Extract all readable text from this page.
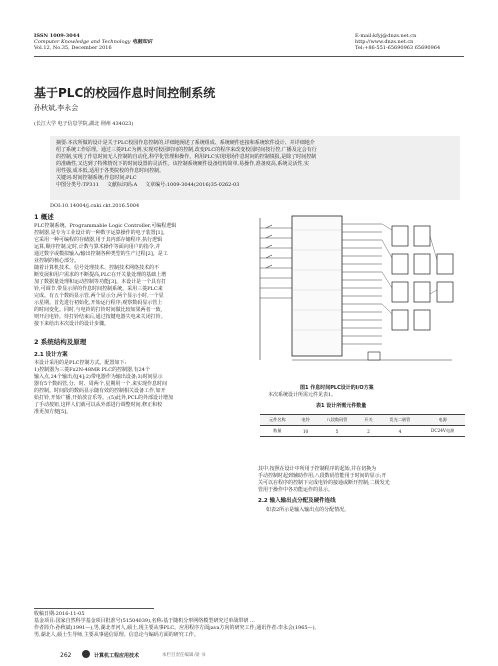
ISSN 1009-3044
Computer Knowledge and Technology 电脑知识
Vol.12, No.35, December 2016
E-mail:kfyj@dnzs.net.cn
http://www.dnzs.net.cn
Tel:+86-551-65690963 65690964
基于PLC的校园作息时间控制系统
孙秋斌,李永会
(长江大学 电子信息学院,湖北 荆州 434023)
摘要:本次所做的设计是关于PLC校园作息控制的,详细地阐述了系统组成、系统硬件连接和系统软件设计、并详细地介
绍了系统工作原理。通过三菱PLC为例,实现对校园时间的控制,改变PLC的程序来改变校园时间按行控,广播及定会有行
的控制,实现了作息时间无人控制的自动化,科学化管理和操作。利用PLC实现现场作息时间的控制填报,是除了时间控制
的准确性,又达到了特殊情况下的时间设置的灵活性。该控制系统硬件设备结构简单,易操作,准备度高,系统灵活性,实
用性强,成本低,适用于各类院校的作息时间控制。
关键词:时间控制系统;作息时间;PLC
中图分类号:TP311 文献标识码:A 文章编号:1009-3044(2016)35-0262-03
DOI:10.14004/j.cnki.ckt.2016.5004
1 概述
PLC控制系统、Programmable Logic Controller,可编程逻辑
控制器,是专为工业设计的一种数字运算操作的电子装置[1]。
它采用一种可编程的存储器,用于其内部存储程序,执行逻辑
运算,顺序控制,定时,计数与算术操作等面向用户的指令,并
通过数字或模拟输入/输出控制各种类型的生产过程[2]。是工
业控制的核心部分。
随着计算机技术、信号处理技术、控制技术网络技术的不
断发展和用户需求的不断提高,PLC在开关量处理的基础上增
加了数据量处理和运动控制等功能[3]。本设计是一个具有打
铃,可调节,带显示屏的作息时间控制系统。采用三菱PLC来
完成。有五个数码显示管,两个显示分,两个显示小时,一个显
示星期。首先进行初始化,开始运行程序;观察数码显示管上
的时间变化。同时,与电铃的打铃时间做比较如果两者一致,
则开启电铃。待打铃结束后,通过按键电器失电来关闭打铃。
接下来给出本次设计的设计步骤。
2 系统结构及原理
2.1 设计方案
本设计采用的是PLC控制方式。配置如下:
1)控制器为三菱Fx2N-48MR PLC的控制器,有24个
输入点,24个输出点[4];2)带电器作为输出设备;3)时间显示
器有5个数码管,分、时、周两个,星期用一个,来实现作息时间
的控制。时间段的数码显示随有效的控制相关设备工作,如开
始打铃,开始广播,开始放音乐等。;(5)此外,PCL的外部设计增加
了手动按钮,这样人们就可以从外部进行调整时间,修正和校
准更加方便[5]。
图1 作息时间PLC设计的I/O方案
本次系统设计所需元件见表1。
表1 设计所需元件数量
元件名称	电铃	八段数码管	开关	发光二极管	电源
数量	10	5	2	4	DC24V电源
其中,按照在设计中所用于控制程序的起始,并在切换为
手动控制时起到辅助作用;八段数码管能用于时间的显示;开
关可以在程序的控制下完成电铃的接通或断开控制;二极发光
管用于操作中各功能运作的显示。
2.2 输入输出点分配及硬件连线
如表2所示是输入输出点的分配情况。
收稿日期:2016-11-05
基金项目:国家自然科学基金项目批准号(51504039),名称:基于随机分形网络模型研究过单战带研 ...
作者简介:孙秋斌(1991—),男,湖北孝河人,硕士,现主要从事PLC、应用程序方面java方向的研究工作;通讯作者:李永会(1965—),
男,湖北人,硕士生导师,主要从事通信原理、信息论与编码方面的研究工作。
262	计算机工程应用技术	本栏目责任编辑:梁 书
